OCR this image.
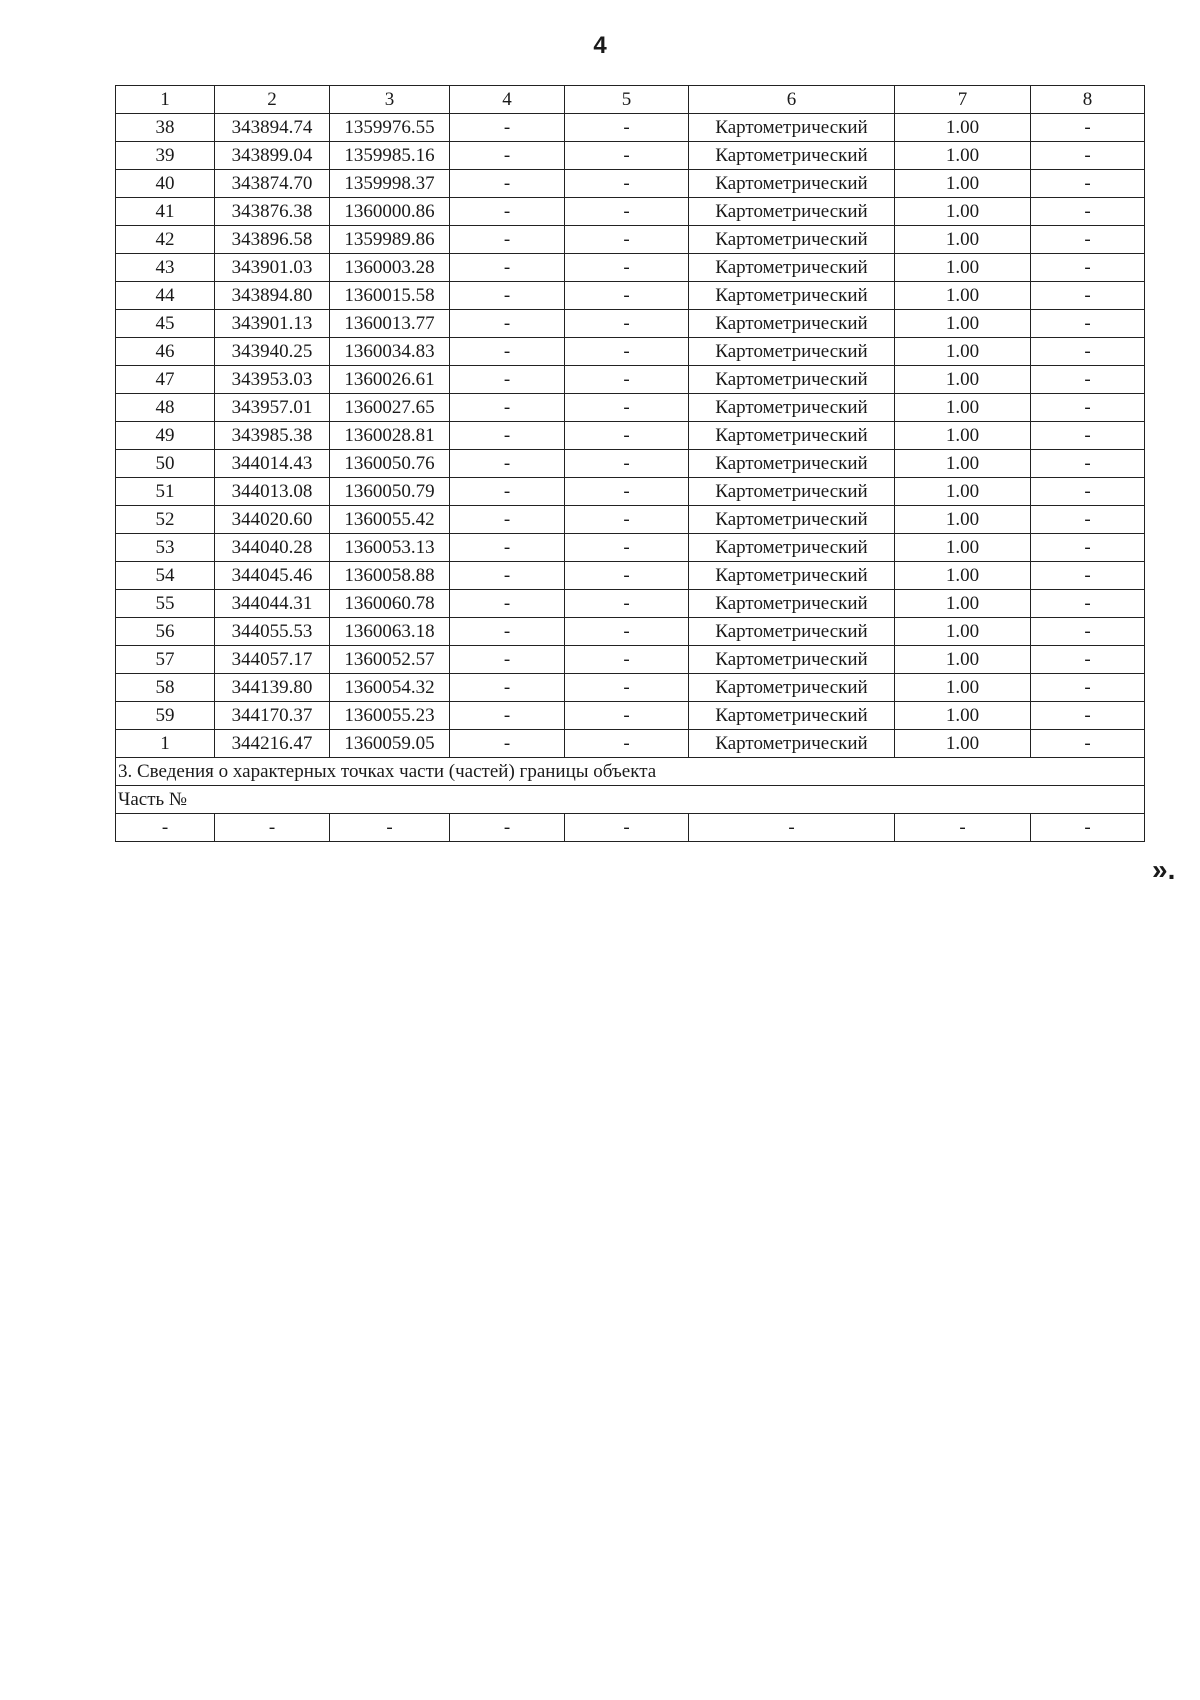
4
1	2	3	4	5	6	7	8
38	343894.74	1359976.55	-	-	Картометрический	1.00	-
39	343899.04	1359985.16	-	-	Картометрический	1.00	-
40	343874.70	1359998.37	-	-	Картометрический	1.00	-
41	343876.38	1360000.86	-	-	Картометрический	1.00	-
42	343896.58	1359989.86	-	-	Картометрический	1.00	-
43	343901.03	1360003.28	-	-	Картометрический	1.00	-
44	343894.80	1360015.58	-	-	Картометрический	1.00	-
45	343901.13	1360013.77	-	-	Картометрический	1.00	-
46	343940.25	1360034.83	-	-	Картометрический	1.00	-
47	343953.03	1360026.61	-	-	Картометрический	1.00	-
48	343957.01	1360027.65	-	-	Картометрический	1.00	-
49	343985.38	1360028.81	-	-	Картометрический	1.00	-
50	344014.43	1360050.76	-	-	Картометрический	1.00	-
51	344013.08	1360050.79	-	-	Картометрический	1.00	-
52	344020.60	1360055.42	-	-	Картометрический	1.00	-
53	344040.28	1360053.13	-	-	Картометрический	1.00	-
54	344045.46	1360058.88	-	-	Картометрический	1.00	-
55	344044.31	1360060.78	-	-	Картометрический	1.00	-
56	344055.53	1360063.18	-	-	Картометрический	1.00	-
57	344057.17	1360052.57	-	-	Картометрический	1.00	-
58	344139.80	1360054.32	-	-	Картометрический	1.00	-
59	344170.37	1360055.23	-	-	Картометрический	1.00	-
1	344216.47	1360059.05	-	-	Картометрический	1.00	-
3. Сведения о характерных точках части (частей) границы объекта							
Часть №							
-	-	-	-	-	-	-	-
».
